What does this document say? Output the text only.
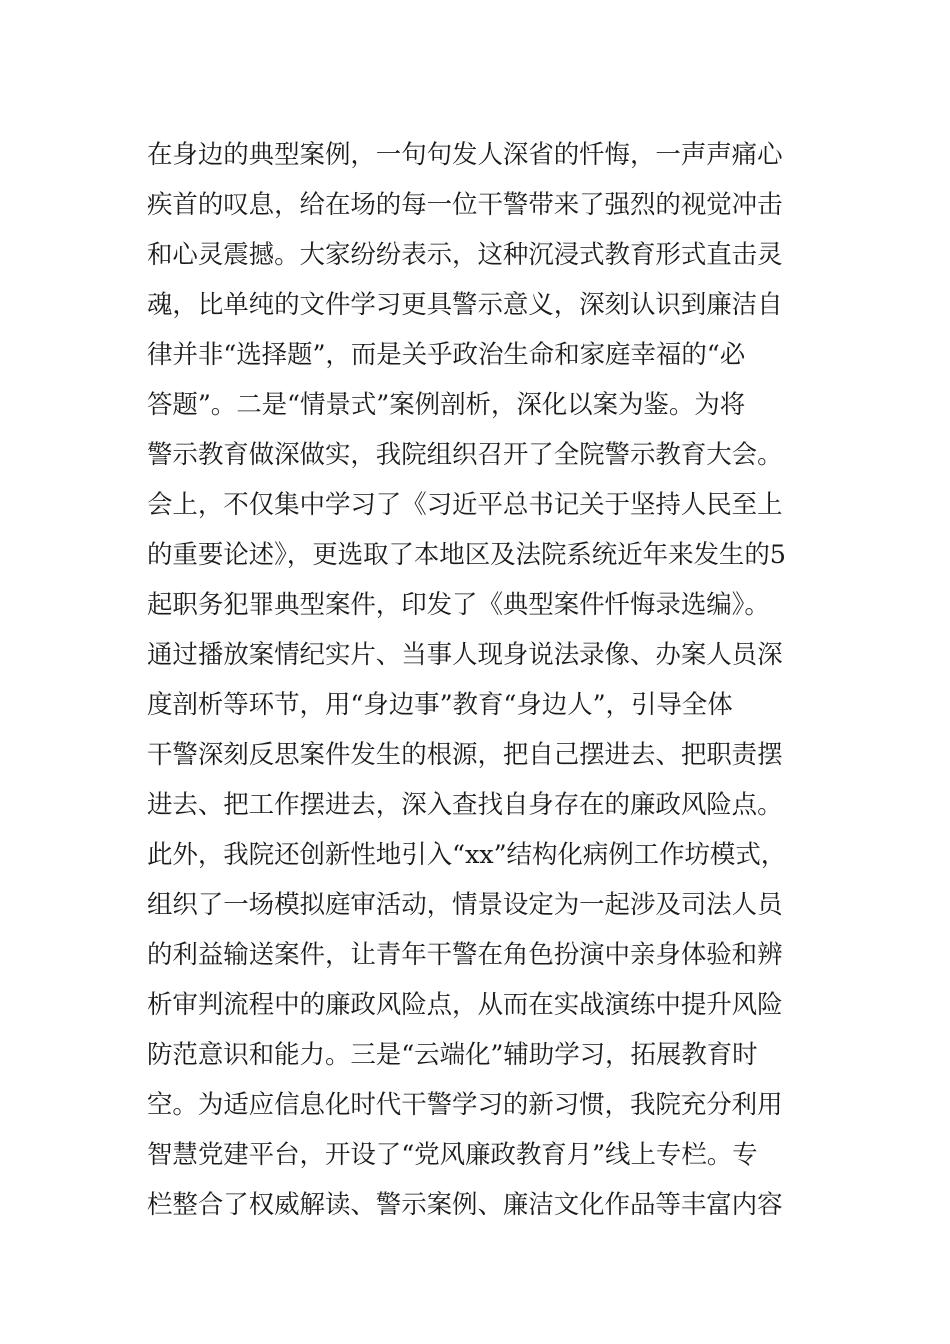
在身边的典型案例，一句句发人深省的忏悔，一声声痛心
疾首的叹息，给在场的每一位干警带来了强烈的视觉冲击
和心灵震撼。大家纷纷表示，这种沉浸式教育形式直击灵
魂，比单纯的文件学习更具警示意义，深刻认识到廉洁自
律并非“选择题”，而是关乎政治生命和家庭幸福的“必
答题”。二是“情景式”案例剖析，深化以案为鉴。为将
警示教育做深做实，我院组织召开了全院警示教育大会。
会上，不仅集中学习了《习近平总书记关于坚持人民至上
的重要论述》，更选取了本地区及法院系统近年来发生的5
起职务犯罪典型案件，印发了《典型案件忏悔录选编》。
通过播放案情纪实片、当事人现身说法录像、办案人员深
度剖析等环节，用“身边事”教育“身边人”，引导全体
干警深刻反思案件发生的根源，把自己摆进去、把职责摆
进去、把工作摆进去，深入查找自身存在的廉政风险点。
此外，我院还创新性地引入“xx”结构化病例工作坊模式，
组织了一场模拟庭审活动，情景设定为一起涉及司法人员
的利益输送案件，让青年干警在角色扮演中亲身体验和辨
析审判流程中的廉政风险点，从而在实战演练中提升风险
防范意识和能力。三是“云端化”辅助学习，拓展教育时
空。为适应信息化时代干警学习的新习惯，我院充分利用
智慧党建平台，开设了“党风廉政教育月”线上专栏。专
栏整合了权威解读、警示案例、廉洁文化作品等丰富内容
